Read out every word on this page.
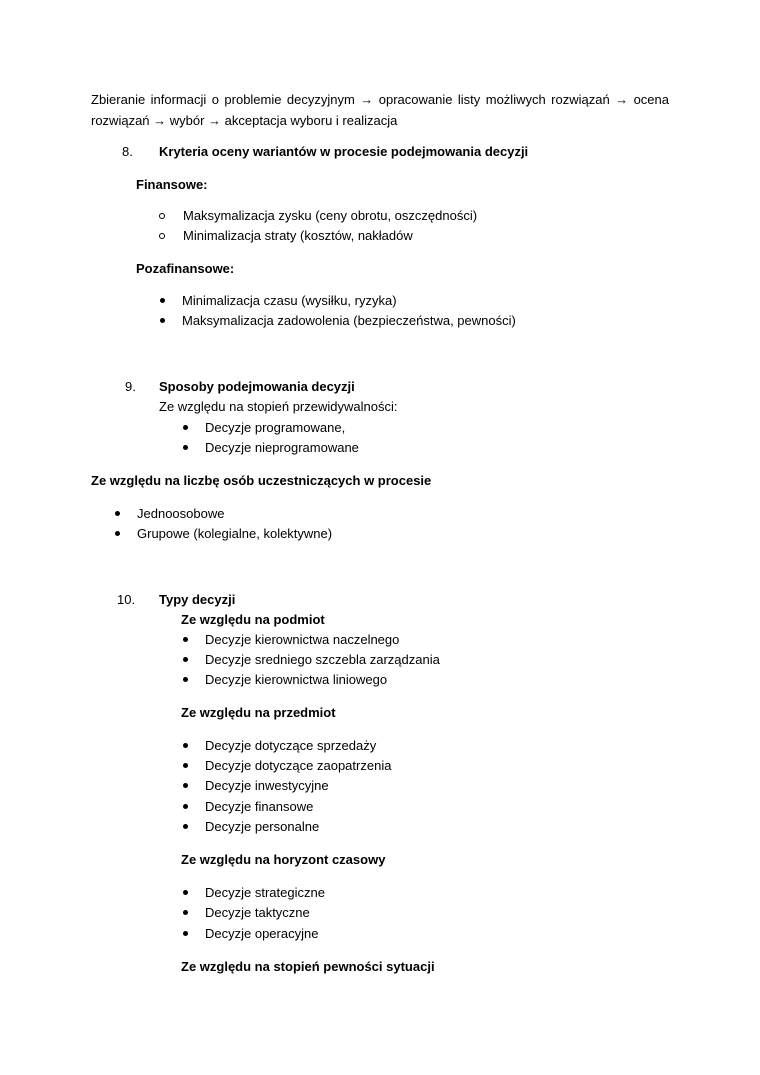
Zbieranie informacji o problemie decyzyjnym → opracowanie listy możliwych rozwiązań → ocena rozwiązań → wybór → akceptacja wyboru i realizacja
8. Kryteria oceny wariantów w procesie podejmowania decyzji
Finansowe:
Maksymalizacja zysku (ceny obrotu, oszczędności)
Minimalizacja straty (kosztów, nakładów
Pozafinansowe:
Minimalizacja czasu (wysiłku, ryzyka)
Maksymalizacja zadowolenia (bezpieczeństwa, pewności)
9. Sposoby podejmowania decyzji
Ze względu na stopień przewidywalności:
Decyzje programowane,
Decyzje nieprogramowane
Ze względu na liczbę osób uczestniczących w procesie
Jednoosobowe
Grupowe (kolegialne, kolektywne)
10. Typy decyzji
Ze względu na podmiot
Decyzje kierownictwa naczelnego
Decyzje sredniego szczebla zarządzania
Decyzje kierownictwa liniowego
Ze względu na przedmiot
Decyzje dotyczące sprzedaży
Decyzje dotyczące zaopatrzenia
Decyzje inwestycyjne
Decyzje finansowe
Decyzje personalne
Ze względu na horyzont czasowy
Decyzje strategiczne
Decyzje taktyczne
Decyzje operacyjne
Ze względu na stopień pewności sytuacji
